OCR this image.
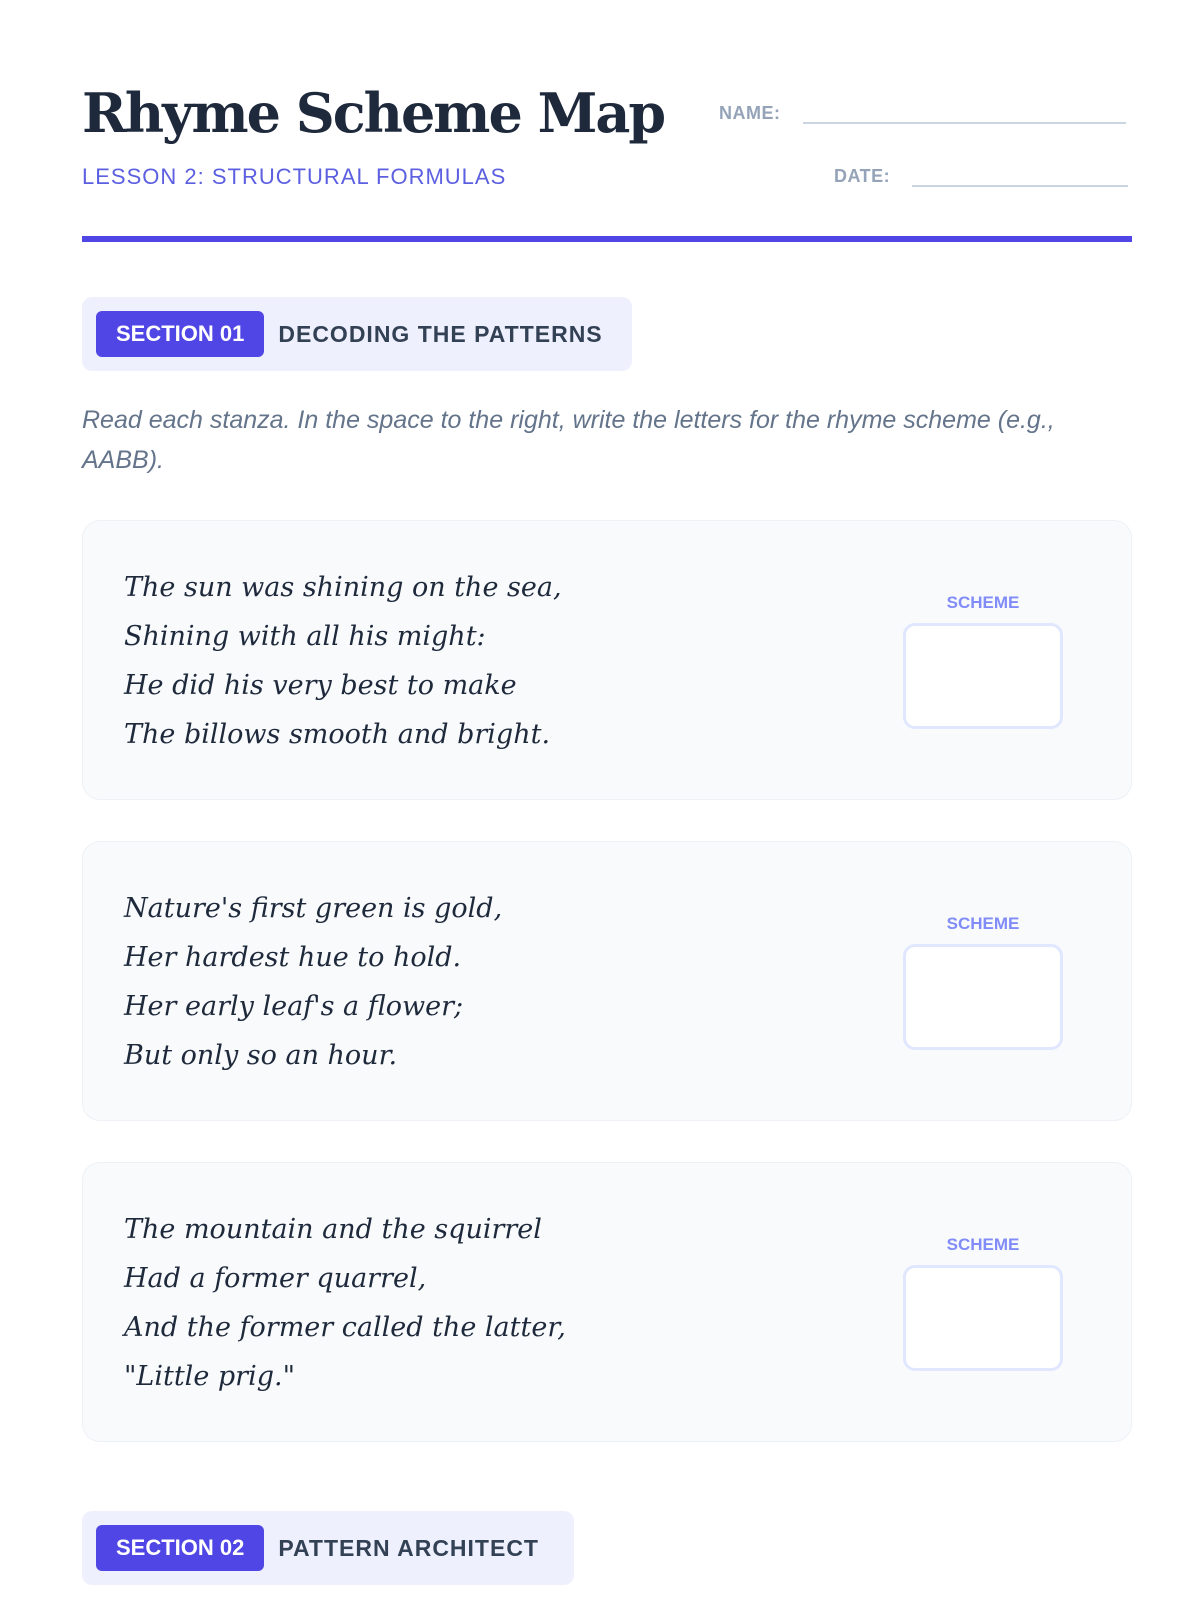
Rhyme Scheme Map
LESSON 2: STRUCTURAL FORMULAS
NAME:
DATE:
SECTION 01	DECODING THE PATTERNS
Read each stanza. In the space to the right, write the letters for the rhyme scheme (e.g., AABB).
The sun was shining on the sea,
Shining with all his might:
He did his very best to make
The billows smooth and bright.
SCHEME
Nature's first green is gold,
Her hardest hue to hold.
Her early leaf's a flower;
But only so an hour.
SCHEME
The mountain and the squirrel
Had a former quarrel,
And the former called the latter,
"Little prig."
SCHEME
SECTION 02	PATTERN ARCHITECT
